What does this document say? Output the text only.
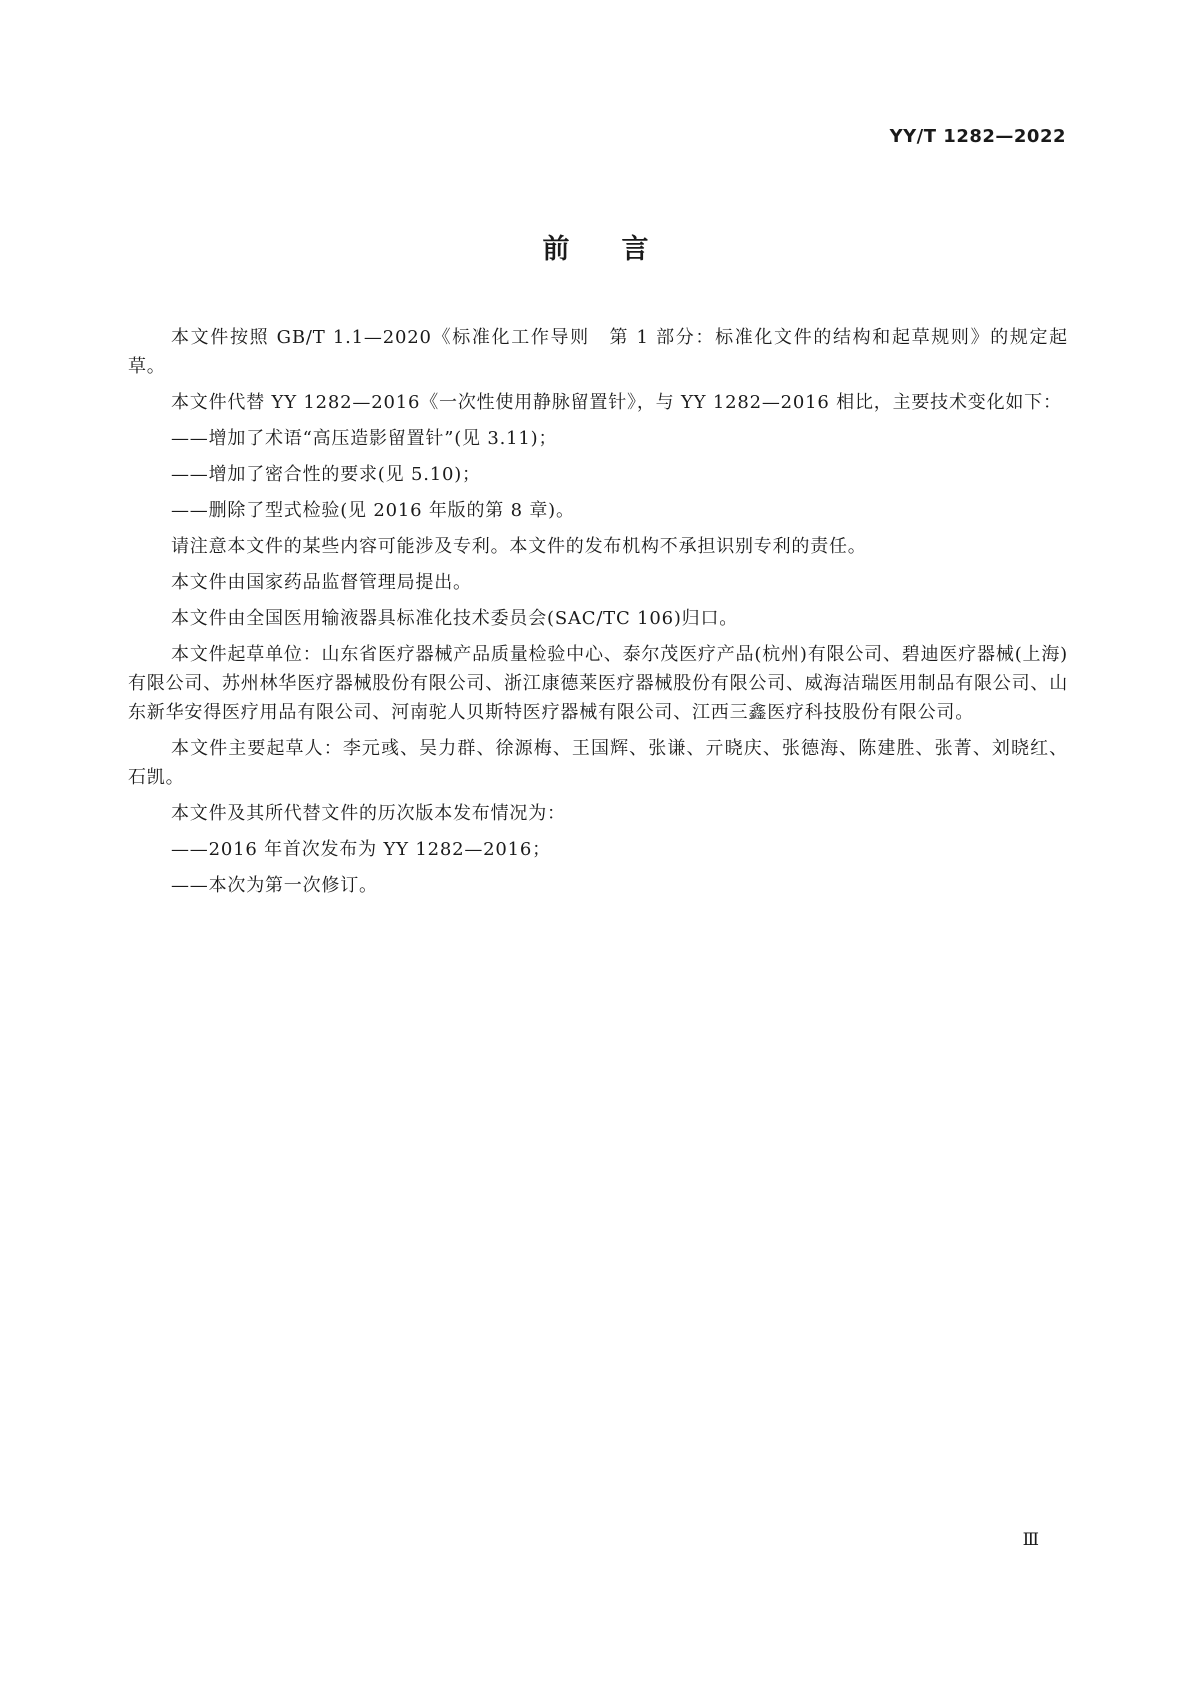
YY/T 1282—2022
前言

本文件按照 GB/T 1.1—2020《标准化工作导则　第 1 部分：标准化文件的结构和起草规则》的规定起草。

本文件代替 YY 1282—2016《一次性使用静脉留置针》，与 YY 1282—2016 相比，主要技术变化如下：

——增加了术语“高压造影留置针”(见 3.11)；

——增加了密合性的要求(见 5.10)；

——删除了型式检验(见 2016 年版的第 8 章)。

请注意本文件的某些内容可能涉及专利。本文件的发布机构不承担识别专利的责任。

本文件由国家药品监督管理局提出。

本文件由全国医用输液器具标准化技术委员会(SAC/TC 106)归口。

本文件起草单位：山东省医疗器械产品质量检验中心、泰尔茂医疗产品(杭州)有限公司、碧迪医疗器械(上海)有限公司、苏州林华医疗器械股份有限公司、浙江康德莱医疗器械股份有限公司、威海洁瑞医用制品有限公司、山东新华安得医疗用品有限公司、河南驼人贝斯特医疗器械有限公司、江西三鑫医疗科技股份有限公司。

本文件主要起草人：李元彧、吴力群、徐源梅、王国辉、张谦、亓晓庆、张德海、陈建胜、张菁、刘晓红、石凯。

本文件及其所代替文件的历次版本发布情况为：

——2016 年首次发布为 YY 1282—2016；

——本次为第一次修订。

Ⅲ
